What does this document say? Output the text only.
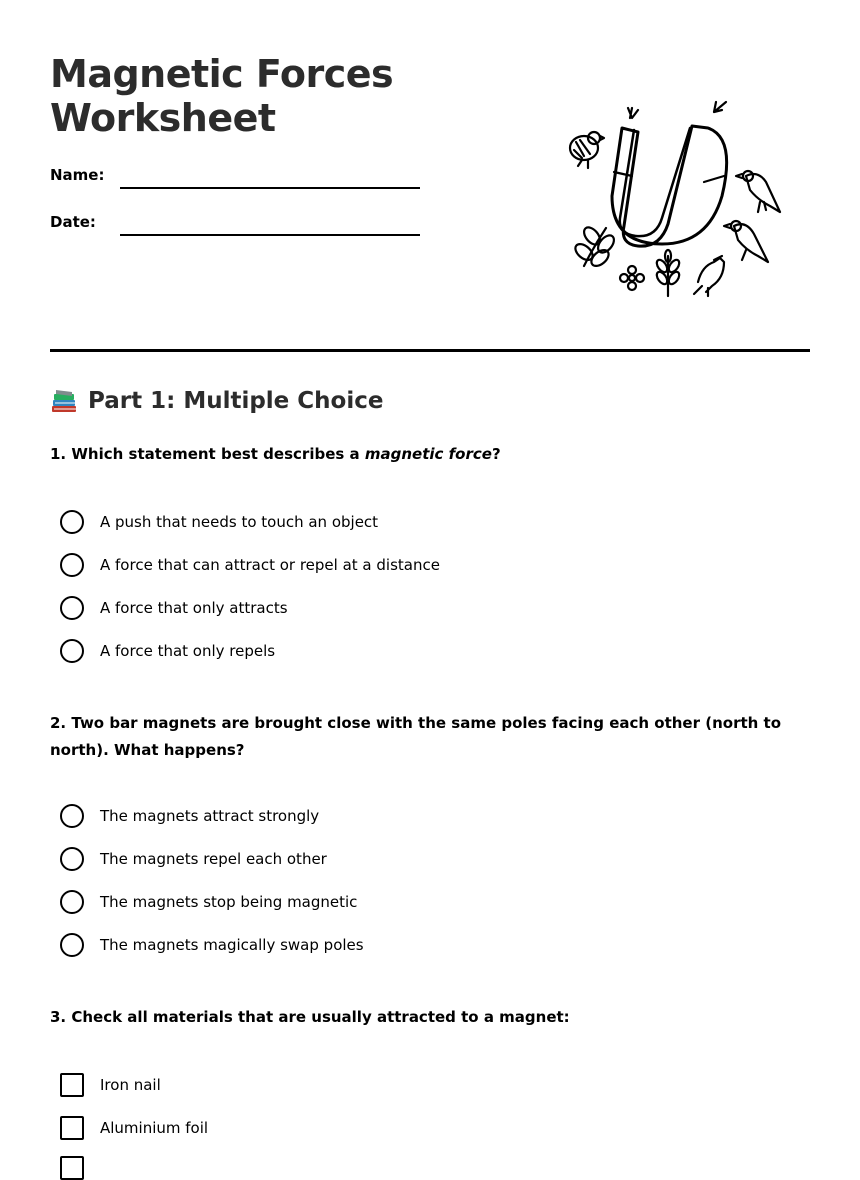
Magnetic Forces
Worksheet
Name:
Date:
Part 1: Multiple Choice
1. Which statement best describes a magnetic force?
A push that needs to touch an object
A force that can attract or repel at a distance
A force that only attracts
A force that only repels
2. Two bar magnets are brought close with the same poles facing each other (north to north). What happens?
The magnets attract strongly
The magnets repel each other
The magnets stop being magnetic
The magnets magically swap poles
3. Check all materials that are usually attracted to a magnet:
Iron nail
Aluminium foil
